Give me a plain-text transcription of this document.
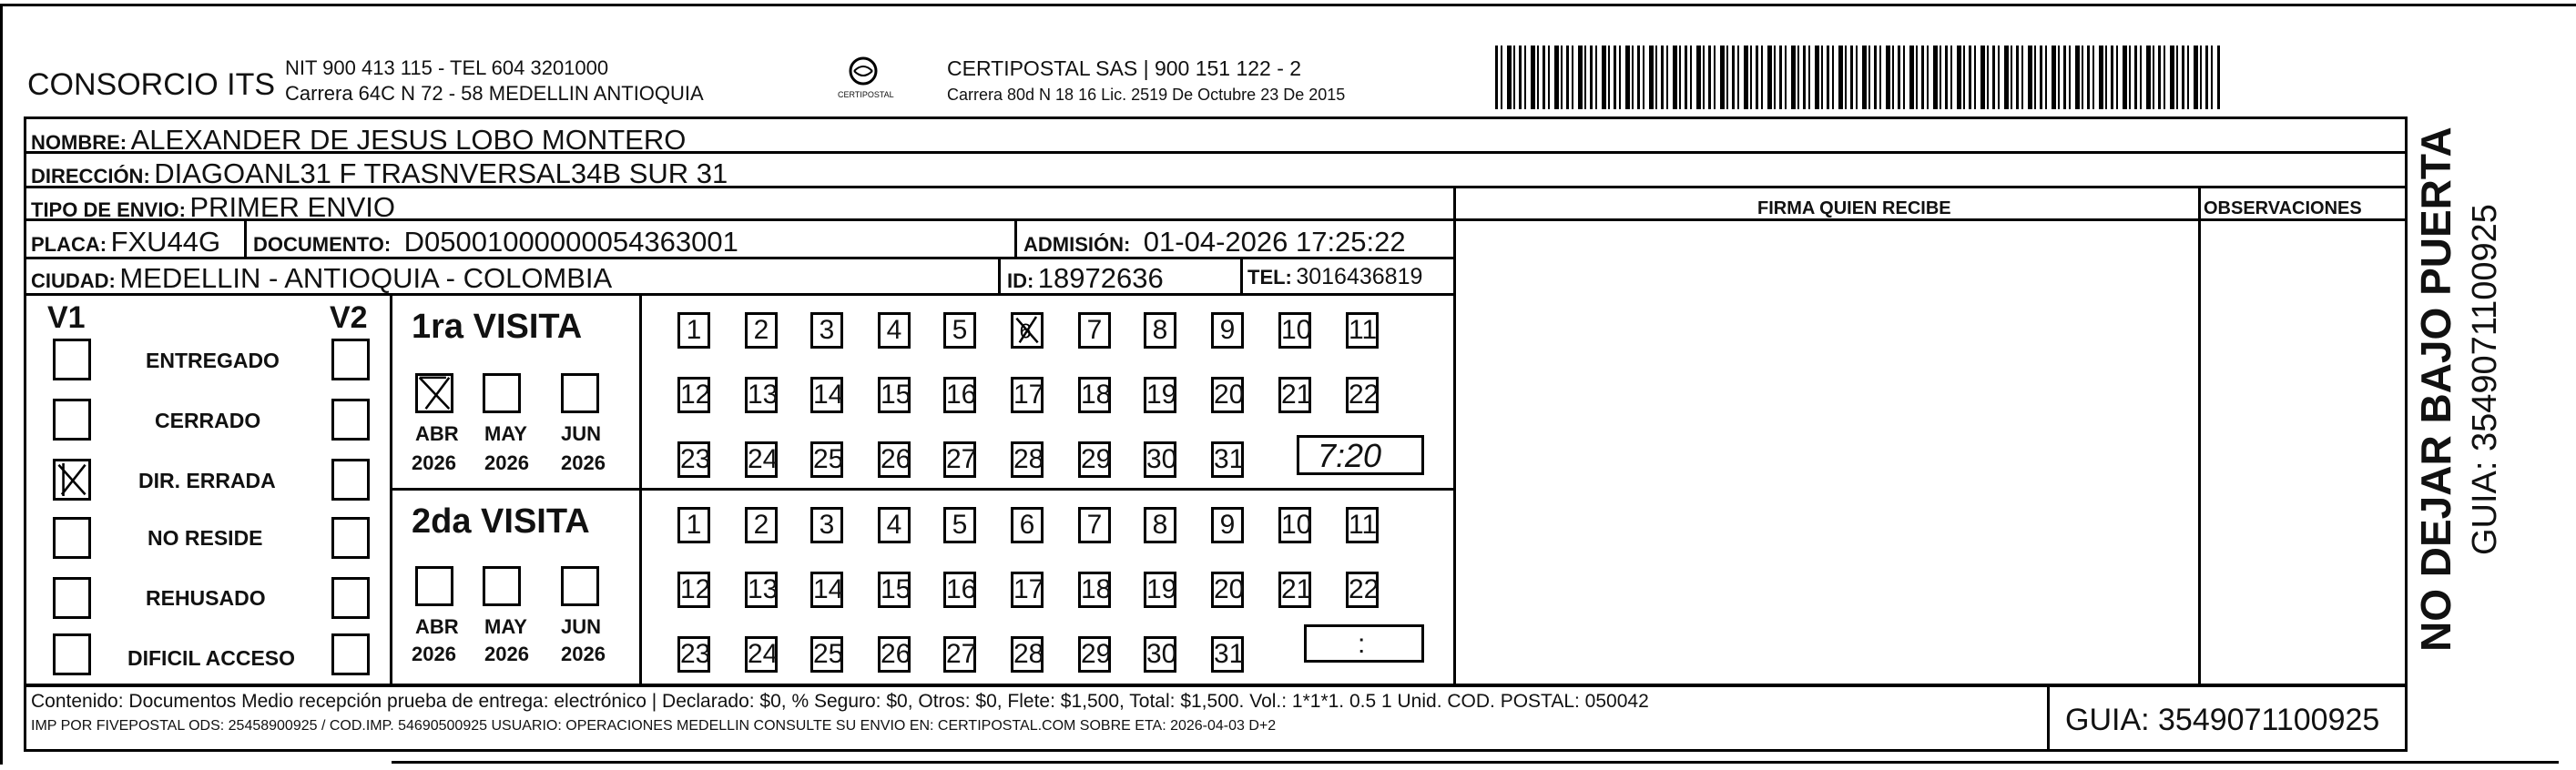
CONSORCIO ITS NIT 900 413 115 - TEL 604 3201000
Carrera 64C N 72 - 58 MEDELLIN ANTIOQUIA	CERTIPOSTAL
CERTIPOSTAL SAS | 900 151 122 - 2
Carrera 80d N 18 16 Lic. 2519 De Octubre 23 De 2015
NOMBRE: ALEXANDER DE JESUS LOBO MONTERO
DIRECCIÓN: DIAGOANL31 F TRASNVERSAL34B SUR 31
TIPO DE ENVIO: PRIMER ENVIO	FIRMA QUIEN RECIBE	OBSERVACIONES
PLACA: FXU44G DOCUMENTO: D05001000000054363001	ADMISIÓN: 01-04-2026 17:25:22
CIUDAD: MEDELLIN - ANTIOQUIA - COLOMBIA	ID: 18972636	TEL: 3016436819
V1	V2
ENTREGADO
CERRADO
DIR. ERRADA
NO RESIDE
REHUSADO
DIFICIL ACCESO
1ra VISITA
ABR MAY JUN
2026 2026 2026
1	2	3	4	5	6	7	8	9	10 11
12 13 14 15 16 17 18 19 20 21 22
23 24 25 26 27 28 29 30 31 7:20
2da VISITA
ABR MAY JUN
2026 2026 2026
1	2	3	4	5	6	7	8	9	10 11
12 13 14 15 16 17 18 19 20 21 22
23 24 25 26 27 28 29 30 31	:
Contenido: Documentos Medio recepción prueba de entrega: electrónico | Declarado: $0, % Seguro: $0, Otros: $0, Flete: $1,500, Total: $1,500. Vol.: 1*1*1. 0.5 1 Unid. COD. POSTAL: 050042
IMP POR FIVEPOSTAL ODS: 25458900925 / COD.IMP. 54690500925 USUARIO: OPERACIONES MEDELLIN CONSULTE SU ENVIO EN: CERTIPOSTAL.COM SOBRE ETA: 2026-04-03 D+2	GUIA: 3549071100925
NO DEJAR BAJO PUERTA GUIA: 3549071100925
